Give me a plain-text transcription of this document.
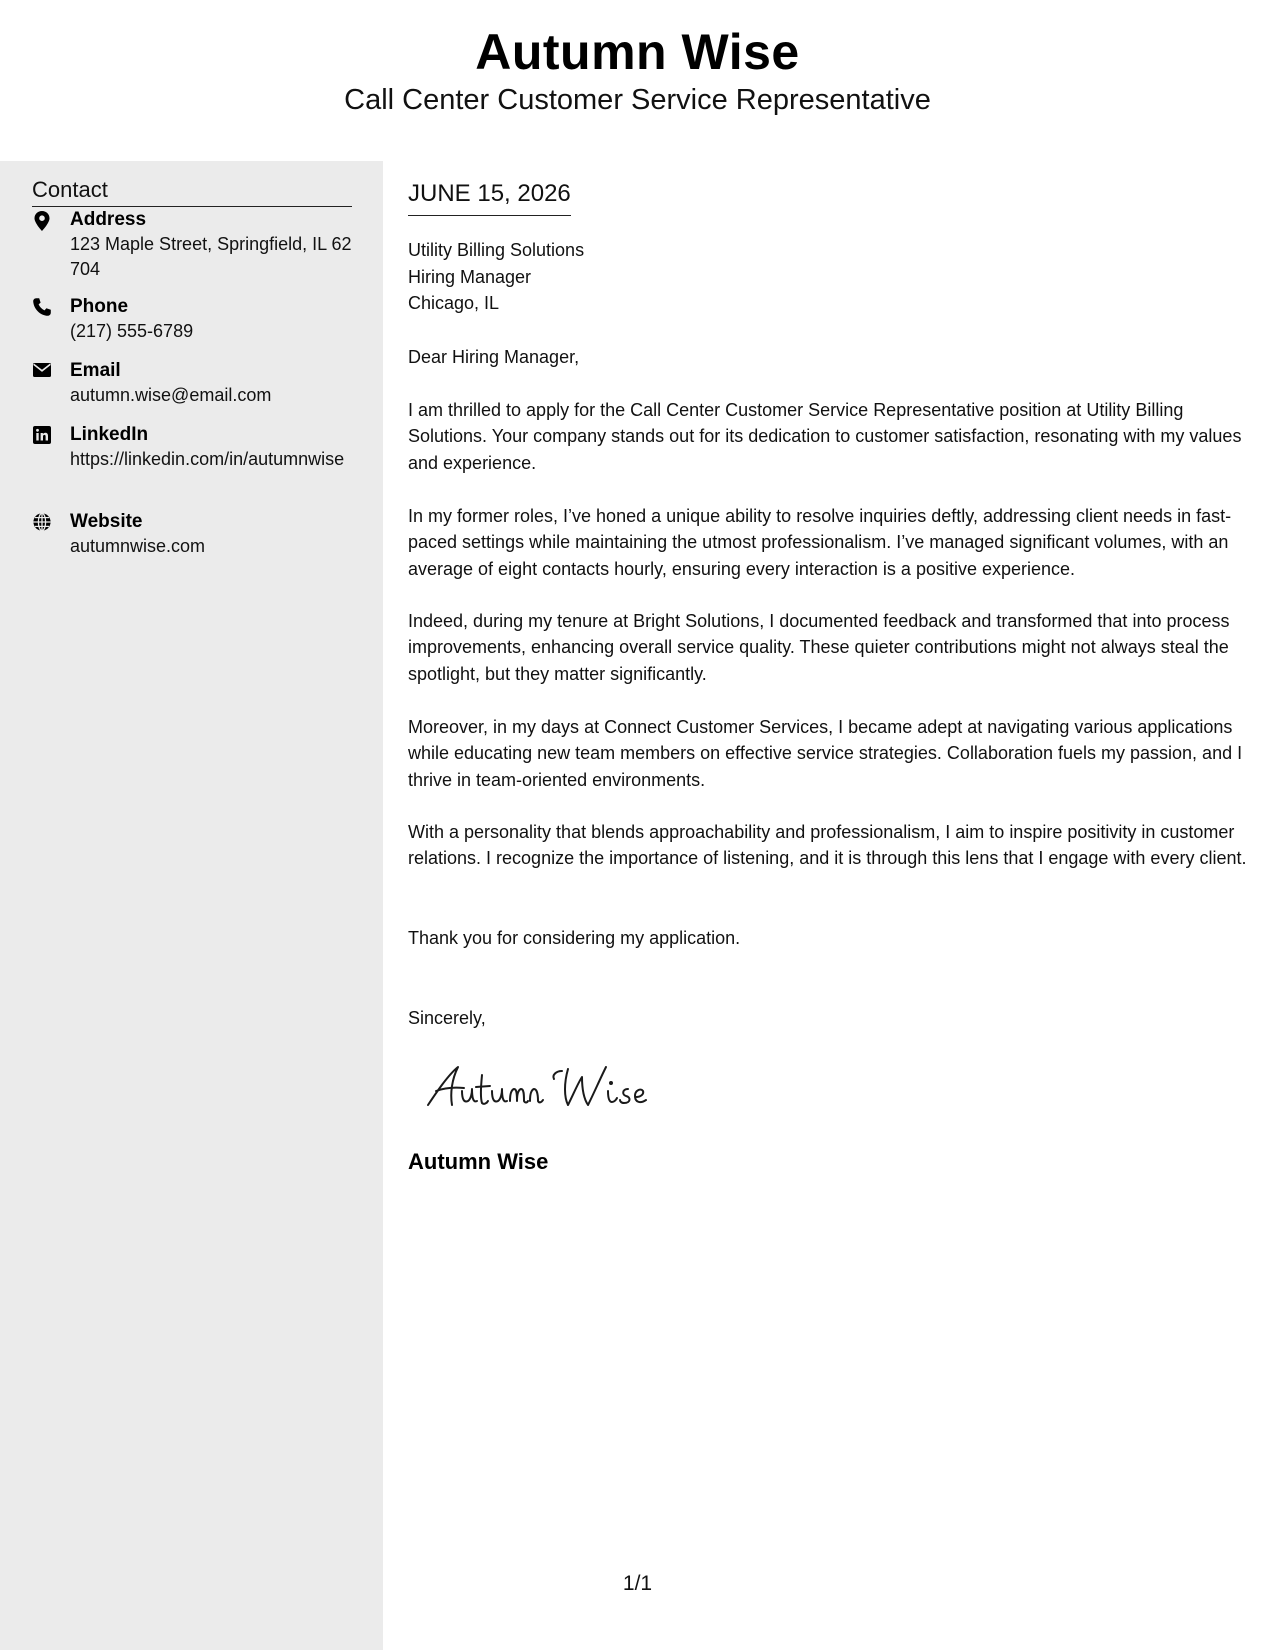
Autumn Wise
Call Center Customer Service Representative
Contact
Address
123 Maple Street, Springfield, IL 62704
Phone
(217) 555-6789
Email
autumn.wise@email.com
LinkedIn
https://linkedin.com/in/autumnwise
Website
autumnwise.com
JUNE 15, 2026
Utility Billing Solutions
Hiring Manager
Chicago, IL
Dear Hiring Manager,
I am thrilled to apply for the Call Center Customer Service Representative position at Utility Billing Solutions. Your company stands out for its dedication to customer satisfaction, resonating with my values and experience.
In my former roles, I’ve honed a unique ability to resolve inquiries deftly, addressing client needs in fast-paced settings while maintaining the utmost professionalism. I’ve managed significant volumes, with an average of eight contacts hourly, ensuring every interaction is a positive experience.
Indeed, during my tenure at Bright Solutions, I documented feedback and transformed that into process improvements, enhancing overall service quality. These quieter contributions might not always steal the spotlight, but they matter significantly.
Moreover, in my days at Connect Customer Services, I became adept at navigating various applications while educating new team members on effective service strategies. Collaboration fuels my passion, and I thrive in team-oriented environments.
With a personality that blends approachability and professionalism, I aim to inspire positivity in customer relations. I recognize the importance of listening, and it is through this lens that I engage with every client.
Thank you for considering my application.
Sincerely,
Autumn Wise
1/1
